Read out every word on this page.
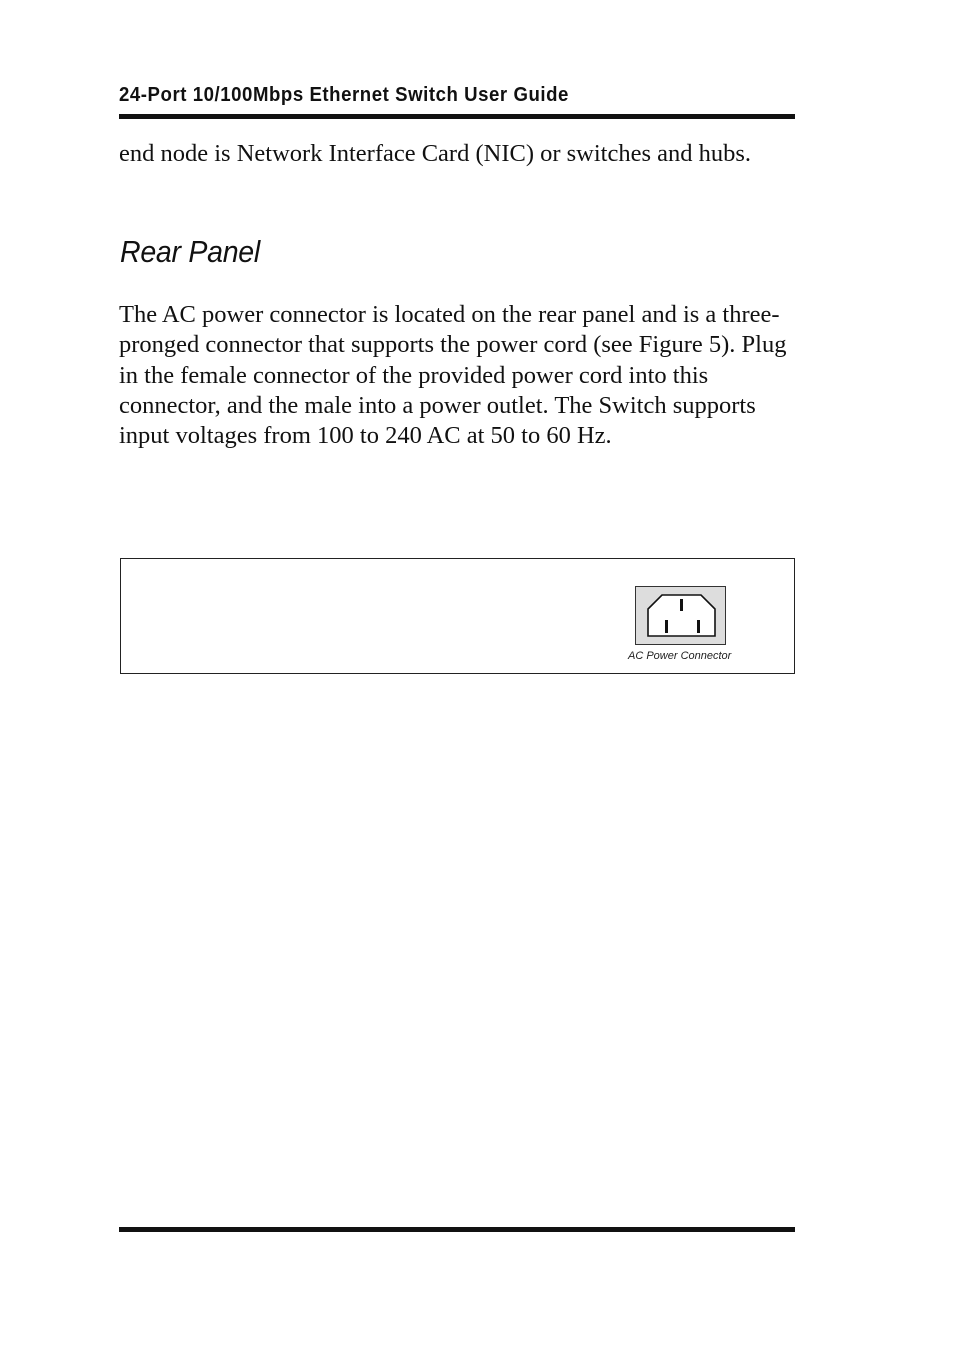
24-Port 10/100Mbps Ethernet Switch User Guide

end node is Network Interface Card (NIC) or switches and hubs.

Rear Panel

The AC power connector is located on the rear panel and is a three-pronged connector that supports the power cord (see Figure 5). Plug in the female connector of the provided power cord into this connector, and the male into a power outlet. The Switch supports input voltages from 100 to 240 AC at 50 to 60 Hz.

AC Power Connector
